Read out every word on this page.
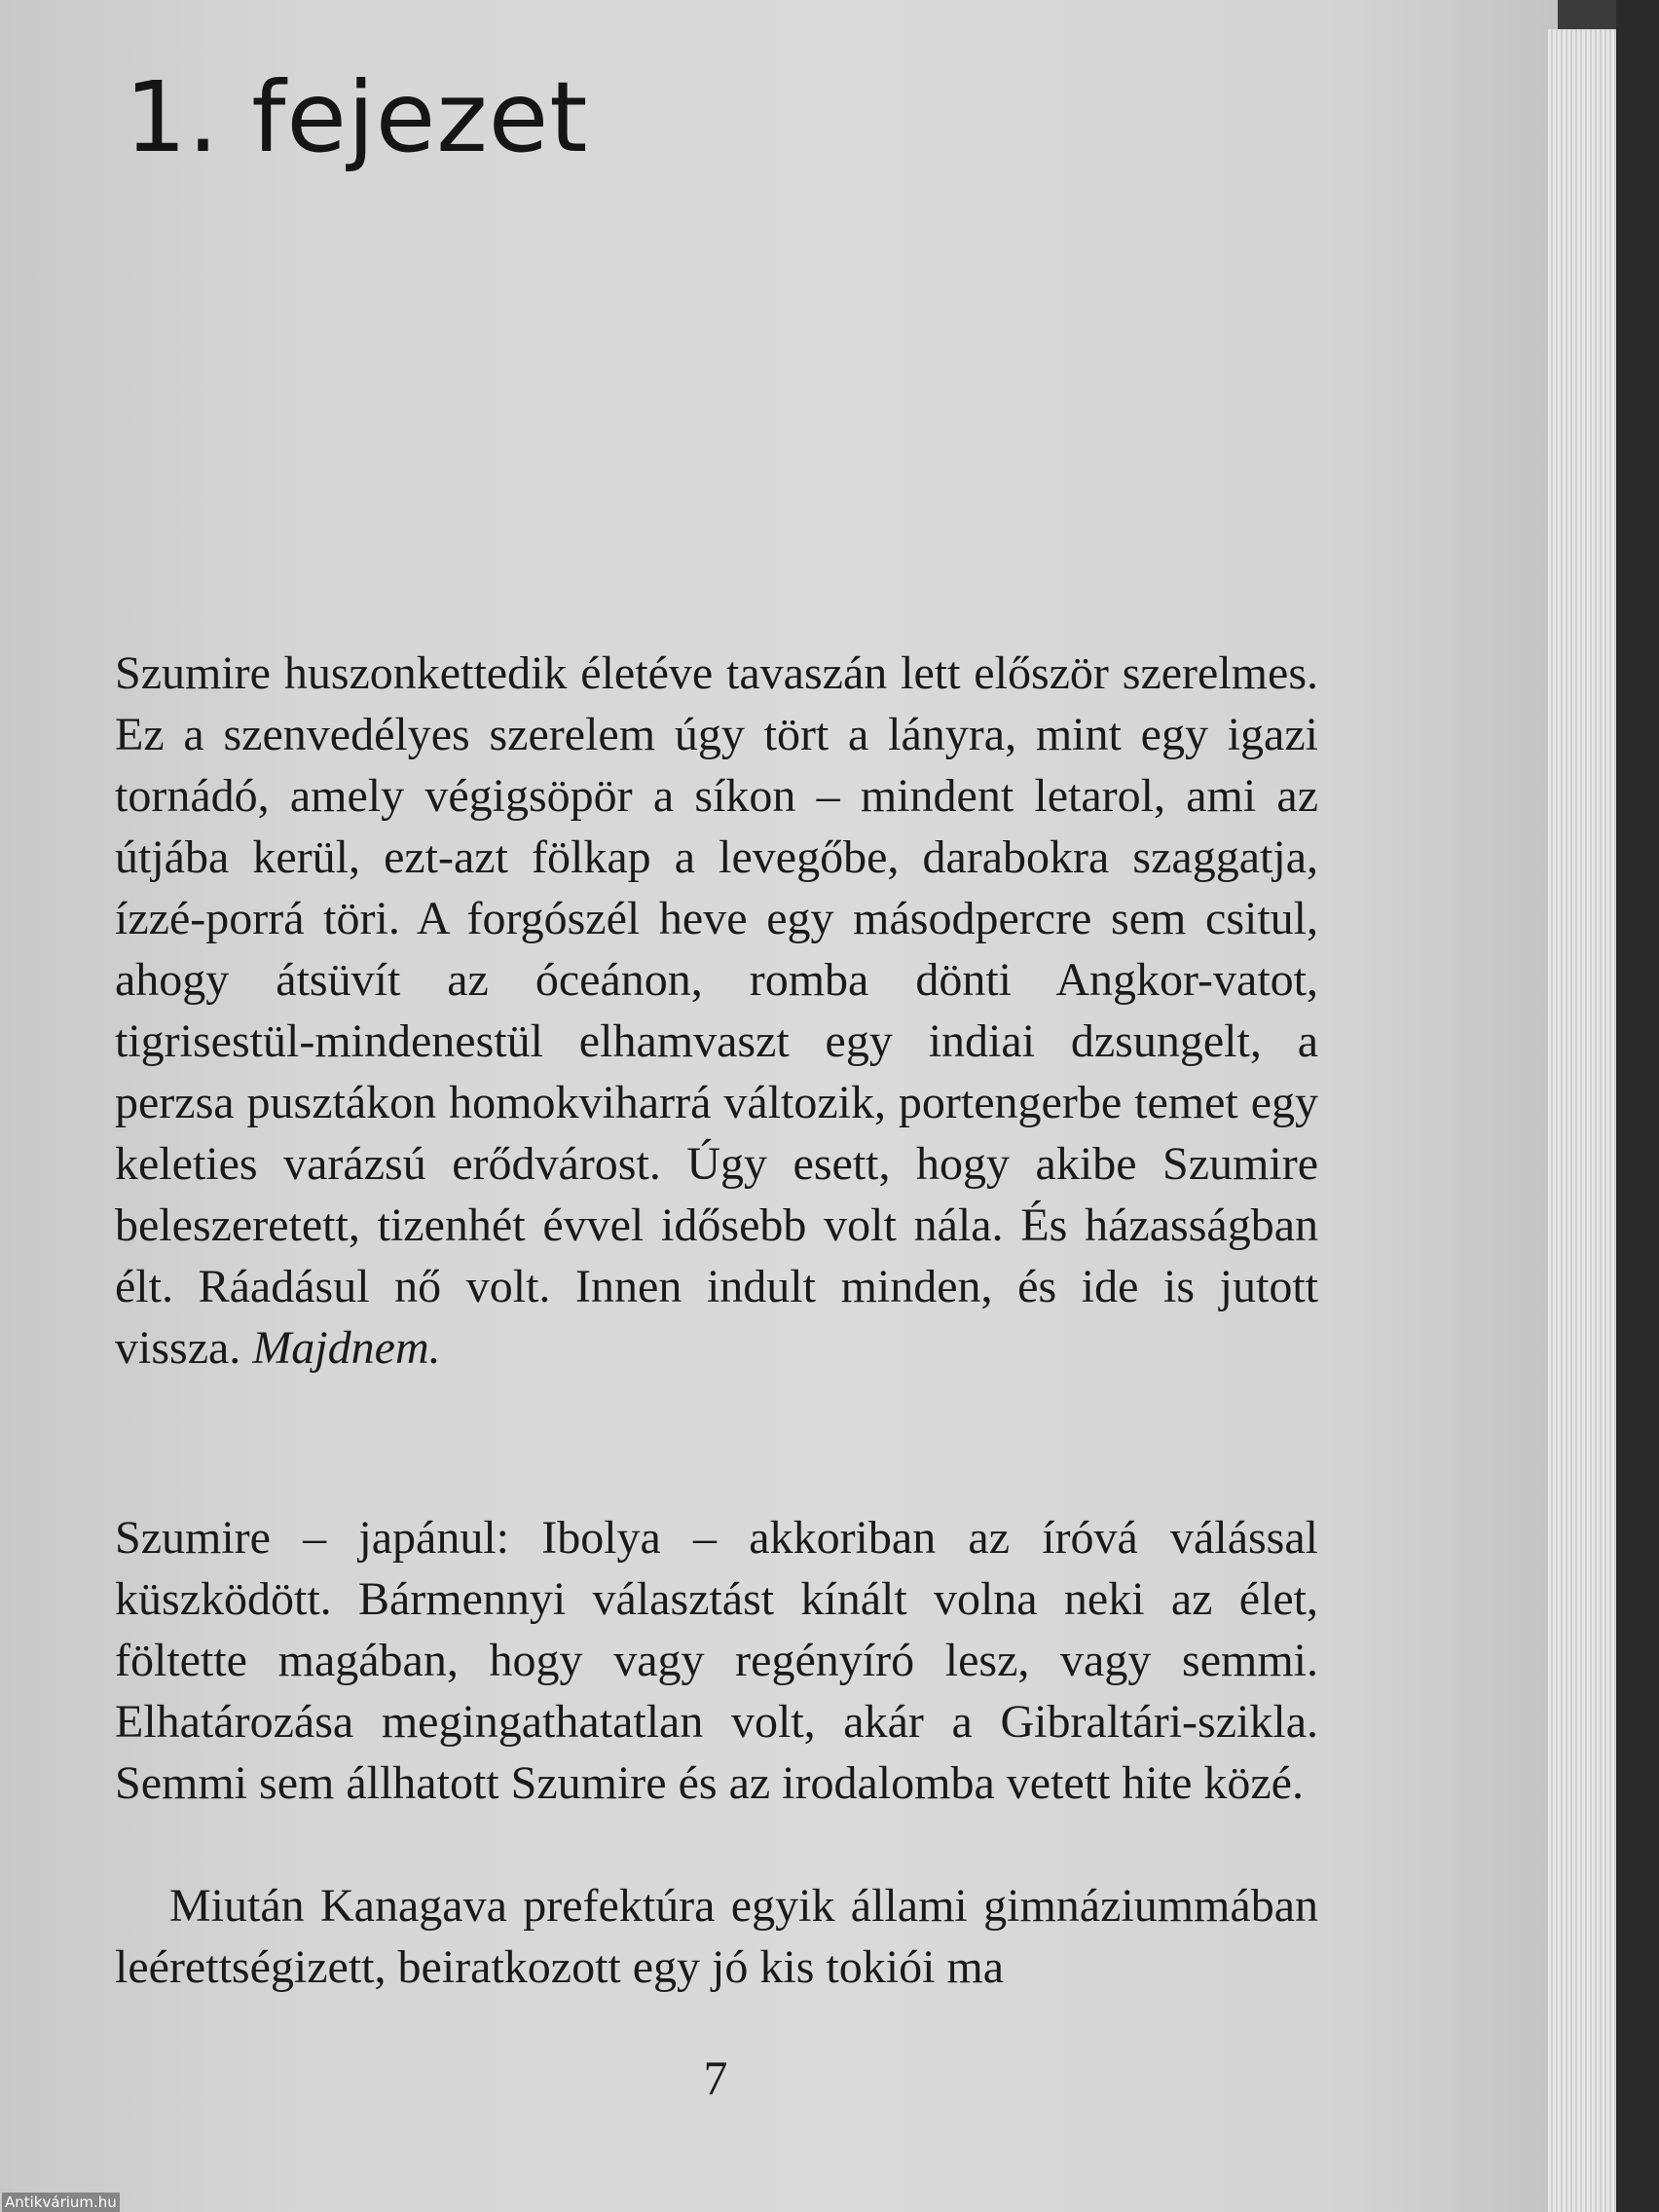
1. fejezet

Szumire huszonkettedik életéve tavaszán lett először szerelmes. Ez a szenvedélyes szerelem úgy tört a lányra, mint egy igazi tornádó, amely végigsöpör a síkon – mindent letarol, ami az útjába kerül, ezt-azt fölkap a levegőbe, darabokra szaggatja, ízzé-porrá töri. A forgószél heve egy másodpercre sem csitul, ahogy átsüvít az óceánon, romba dönti Angkor-vatot, tigrisestül-mindenestül elhamvaszt egy indiai dzsungelt, a perzsa pusztákon homokviharrá változik, portengerbe temet egy keleties varázsú erődvárost. Úgy esett, hogy akibe Szumire beleszeretett, tizenhét évvel idősebb volt nála. És házasságban élt. Ráadásul nő volt. Innen indult minden, és ide is jutott vissza. Majdnem.

Szumire – japánul: Ibolya – akkoriban az íróvá válással küszködött. Bármennyi választást kínált volna neki az élet, föltette magában, hogy vagy regényíró lesz, vagy semmi. Elhatározása megingathatatlan volt, akár a Gibraltári-szikla. Semmi sem állhatott Szumire és az irodalomba vetett hite közé.

Miután Kanagava prefektúra egyik állami gimnáziummában leérettségizett, beiratkozott egy jó kis tokiói ma

7
Antikvárium.hu
